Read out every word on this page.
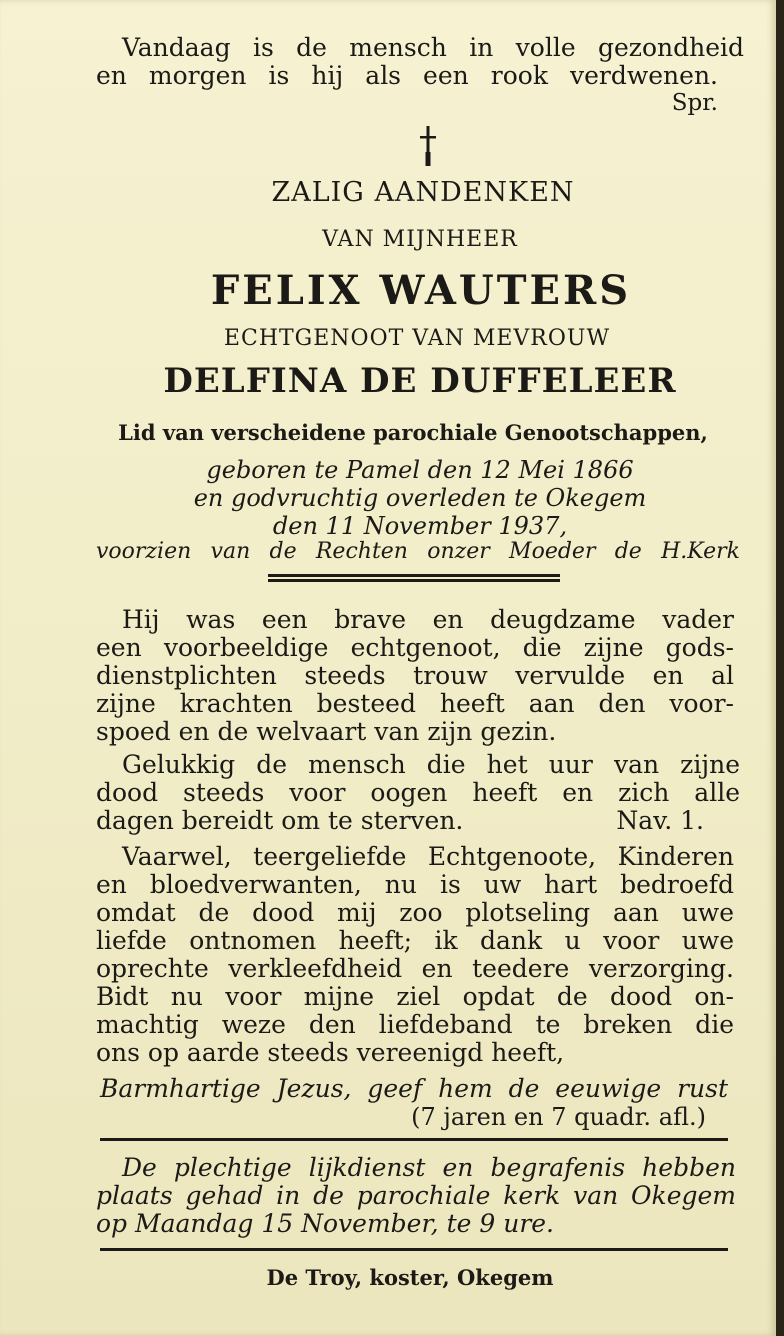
Vandaag is de mensch in volle gezondheid
en morgen is hij als een rook verdwenen.
Spr.
ZALIG AANDENKEN
VAN MIJNHEER
FELIX WAUTERS
ECHTGENOOT VAN MEVROUW
DELFINA DE DUFFELEER
Lid van verscheidene parochiale Genootschappen,
geboren te Pamel den 12 Mei 1866
en godvruchtig overleden te Okegem
den 11 November 1937,
voorzien van de Rechten onzer Moeder de H.Kerk
Hij was een brave en deugdzame vader
een voorbeeldige echtgenoot, die zijne gods-
dienstplichten steeds trouw vervulde en al
zijne krachten besteed heeft aan den voor-
spoed en de welvaart van zijn gezin.
Gelukkig de mensch die het uur van zijne
dood steeds voor oogen heeft en zich alle
dagen bereidt om te sterven.	Nav. 1.
Vaarwel, teergeliefde Echtgenoote, Kinderen
en bloedverwanten, nu is uw hart bedroefd
omdat de dood mij zoo plotseling aan uwe
liefde ontnomen heeft; ik dank u voor uwe
oprechte verkleefdheid en teedere verzorging.
Bidt nu voor mijne ziel opdat de dood on-
machtig weze den liefdeband te breken die
ons op aarde steeds vereenigd heeft,
Barmhartige Jezus, geef hem de eeuwige rust
(7 jaren en 7 quadr. afl.)
De plechtige lijkdienst en begrafenis hebben
plaats gehad in de parochiale kerk van Okegem
op Maandag 15 November, te 9 ure.
De Troy, koster, Okegem
